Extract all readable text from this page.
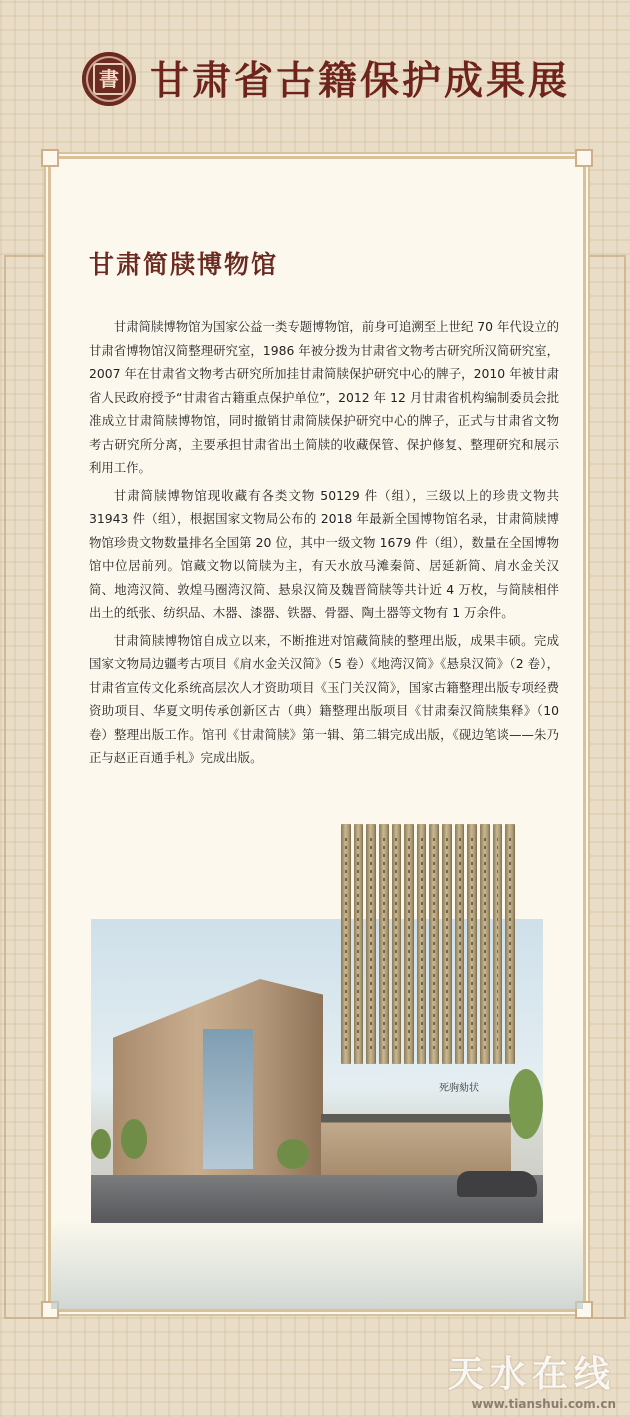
書 甘肃省古籍保护成果展
甘肃简牍博物馆

甘肃简牍博物馆为国家公益一类专题博物馆，前身可追溯至上世纪 70 年代设立的甘肃省博物馆汉简整理研究室，1986 年被分拨为甘肃省文物考古研究所汉简研究室，2007 年在甘肃省文物考古研究所加挂甘肃简牍保护研究中心的牌子，2010 年被甘肃省人民政府授予“甘肃省古籍重点保护单位”，2012 年 12 月甘肃省机构编制委员会批准成立甘肃简牍博物馆，同时撤销甘肃简牍保护研究中心的牌子，正式与甘肃省文物考古研究所分离，主要承担甘肃省出土简牍的收藏保管、保护修复、整理研究和展示利用工作。

甘肃简牍博物馆现收藏有各类文物 50129 件（组），三级以上的珍贵文物共 31943 件（组），根据国家文物局公布的 2018 年最新全国博物馆名录，甘肃简牍博物馆珍贵文物数量排名全国第 20 位，其中一级文物 1679 件（组），数量在全国博物馆中位居前列。馆藏文物以简牍为主，有天水放马滩秦简、居延新简、肩水金关汉简、地湾汉简、敦煌马圈湾汉简、悬泉汉简及魏晋简牍等共计近 4 万枚，与简牍相伴出土的纸张、纺织品、木器、漆器、铁器、骨器、陶土器等文物有 1 万余件。

甘肃简牍博物馆自成立以来，不断推进对馆藏简牍的整理出版，成果丰硕。完成国家文物局边疆考古项目《肩水金关汉简》（5 卷）《地湾汉简》《悬泉汉简》（2 卷），甘肃省宣传文化系统高层次人才资助项目《玉门关汉简》，国家古籍整理出版专项经费资助项目、华夏文明传承创新区古（典）籍整理出版项目《甘肃秦汉简牍集释》（10 卷）整理出版工作。馆刊《甘肃简牍》第一辑、第二辑完成出版，《砚边笔谈——朱乃正与赵正百通手札》完成出版。

死驹劾状
天水在线
www.tianshui.com.cn
